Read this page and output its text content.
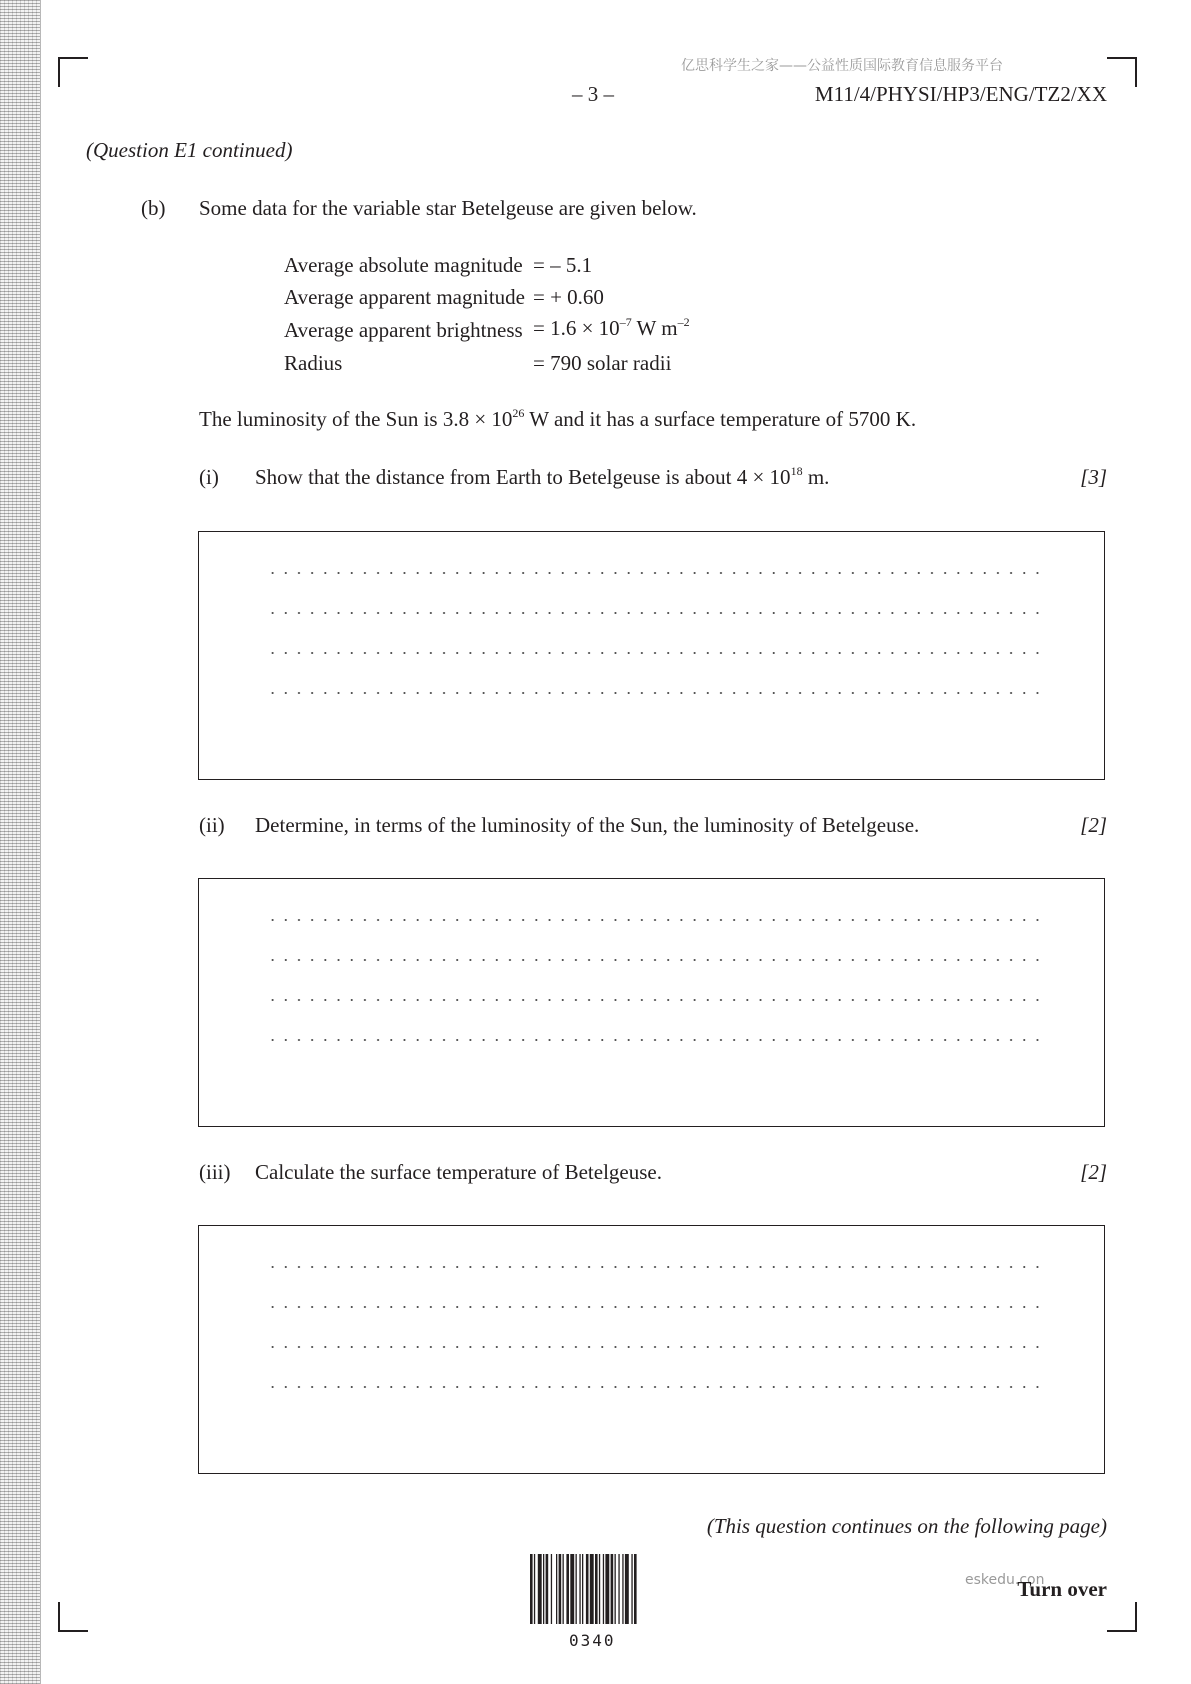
亿思科学生之家——公益性质国际教育信息服务平台
– 3 –	M11/4/PHYSI/HP3/ENG/TZ2/XX
(Question E1 continued)
(b) Some data for the variable star Betelgeuse are given below.
Average absolute magnitude	= – 5.1
Average apparent magnitude	= + 0.60
Average apparent brightness	= $1.6 \times 10^{-7}$ W $m^{-2}$
Radius	= 790 solar radii
The luminosity of the Sun is $3.8 \times 10^{26}$ W and it has a surface temperature of 5700 K.
(i) Show that the distance from Earth to Betelgeuse is about $4 \times 10^{18}$ m.	[3]
(ii) Determine, in terms of the luminosity of the Sun, the luminosity of Betelgeuse.	[2]
(iii) Calculate the surface temperature of Betelgeuse.	[2]
(This question continues on the following page)
0340
eskedu.con
Turn over
